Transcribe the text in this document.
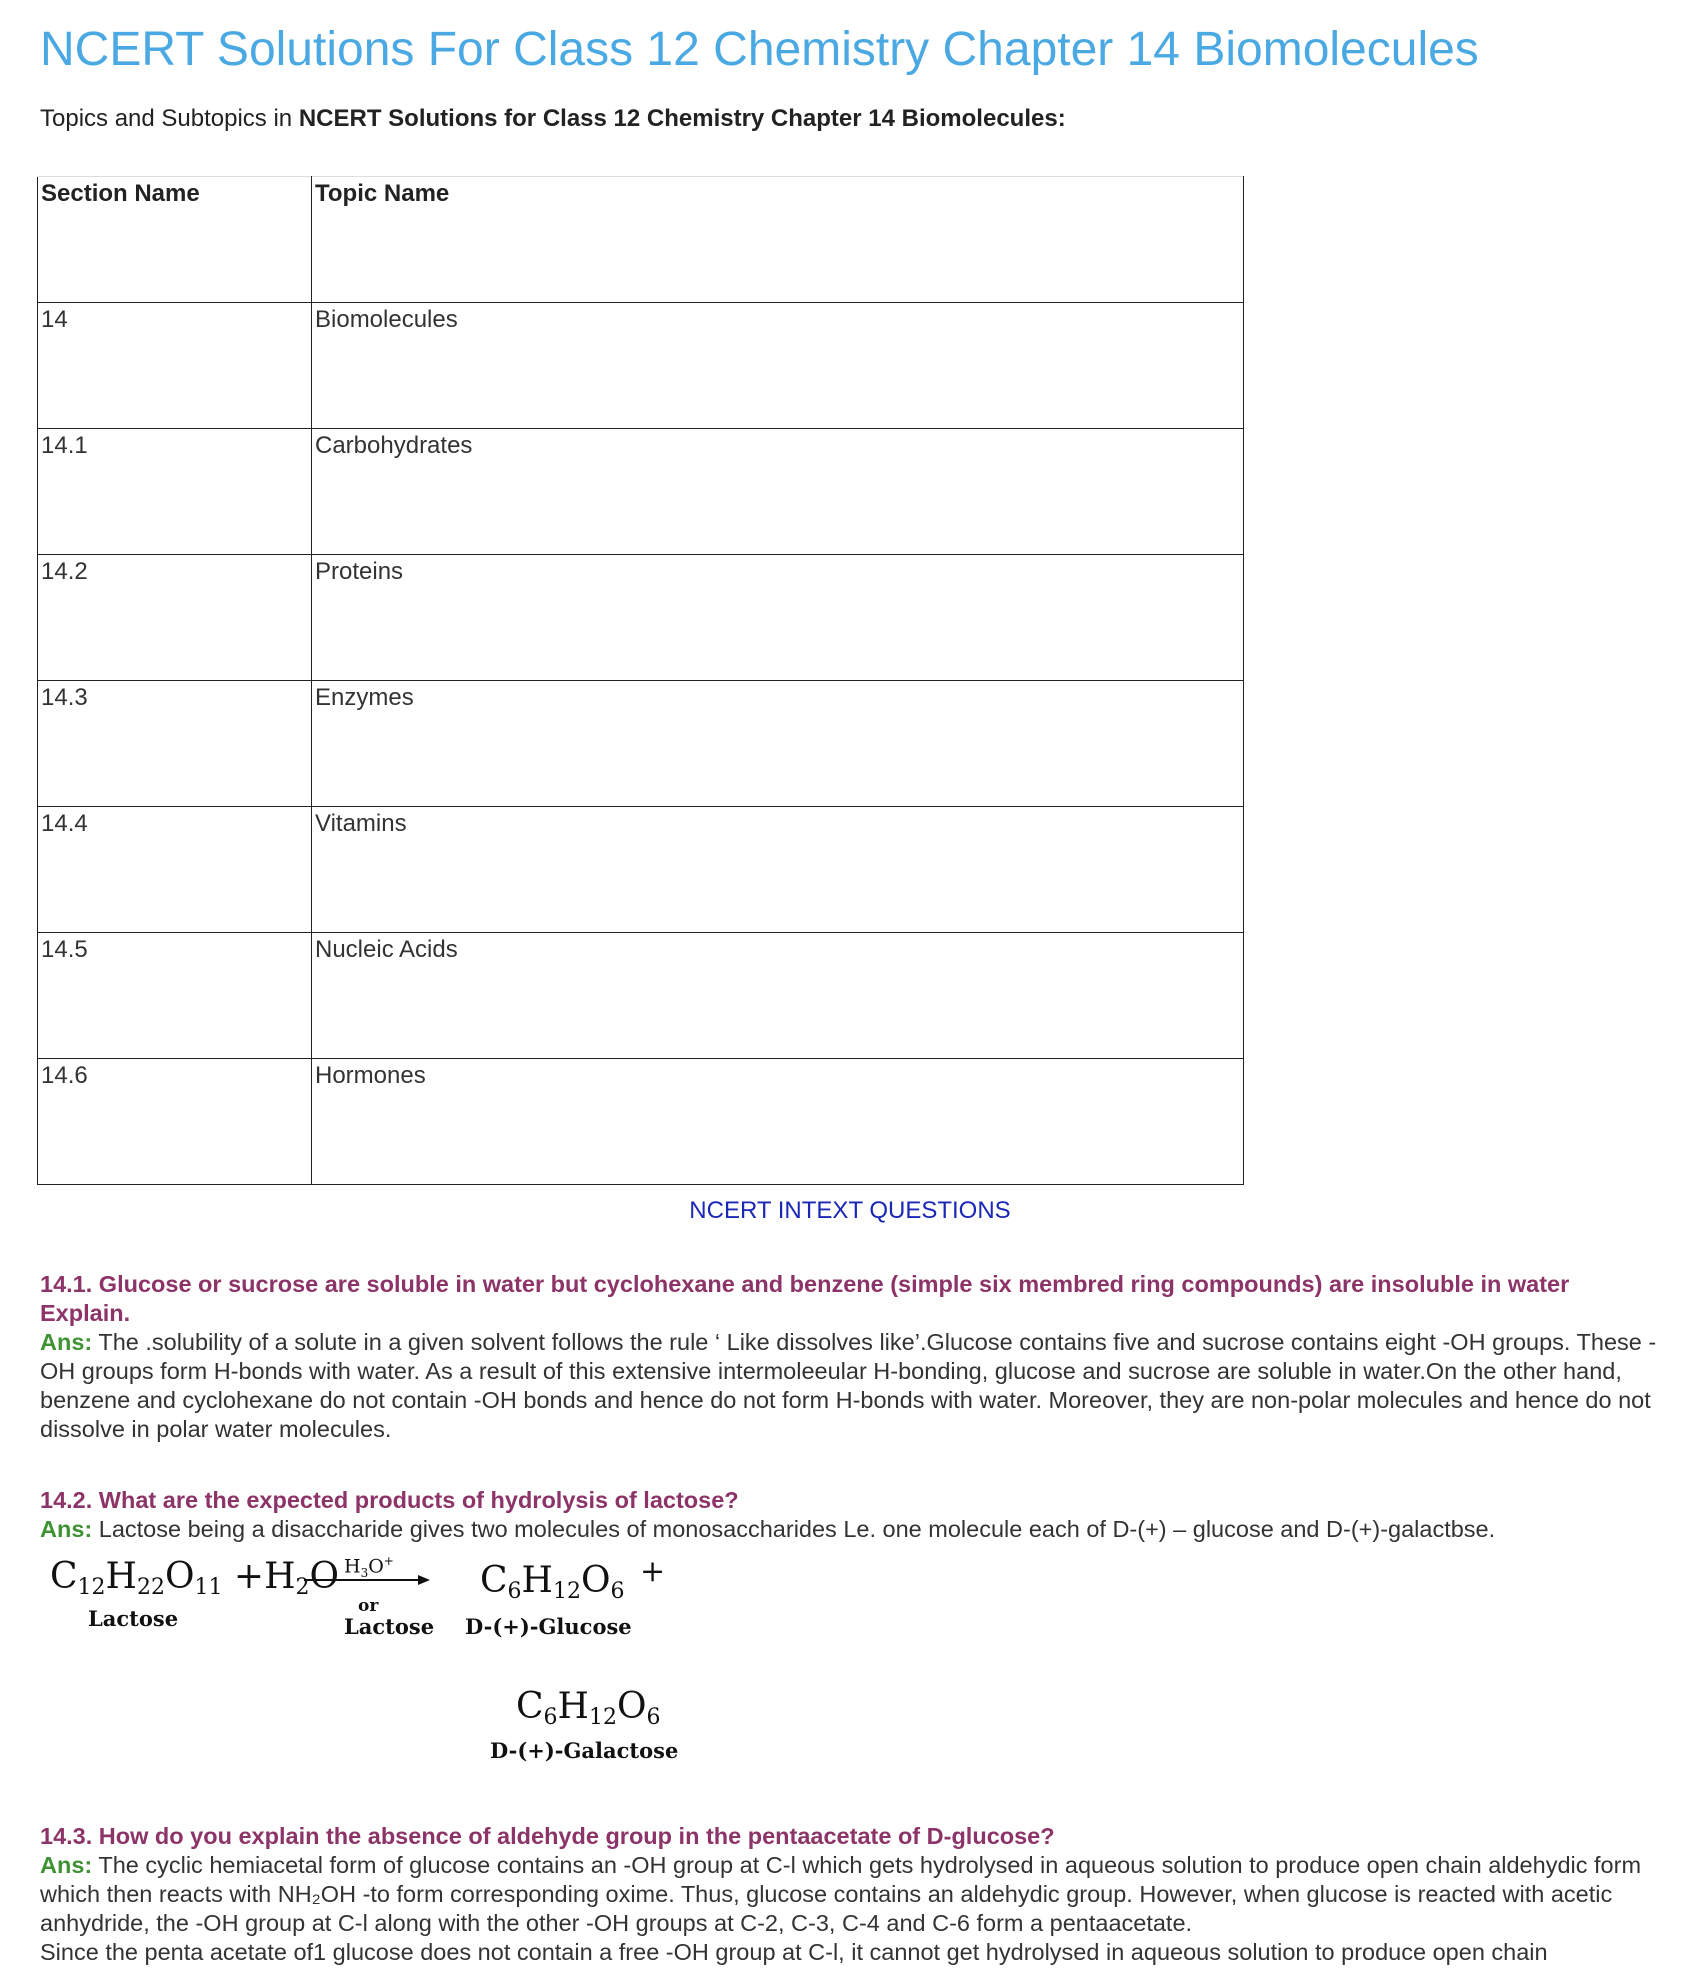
NCERT Solutions For Class 12 Chemistry Chapter 14 Biomolecules
Topics and Subtopics in NCERT Solutions for Class 12 Chemistry Chapter 14 Biomolecules:
Section Name	Topic Name
14	Biomolecules
14.1	Carbohydrates
14.2	Proteins
14.3	Enzymes
14.4	Vitamins
14.5	Nucleic Acids
14.6	Hormones
NCERT INTEXT QUESTIONS

14.1. Glucose or sucrose are soluble in water but cyclohexane and benzene (simple six membred ring compounds) are insoluble in water Explain.

Ans: The .solubility of a solute in a given solvent follows the rule ‘ Like dissolves like’.Glucose contains five and sucrose contains eight -OH groups. These -OH groups form H-bonds with water. As a result of this extensive intermoleeular H-bonding, glucose and sucrose are soluble in water.On the other hand, benzene and cyclohexane do not contain -OH bonds and hence do not form H-bonds with water. Moreover, they are non-polar molecules and hence do not dissolve in polar water molecules.

14.2. What are the expected products of hydrolysis of lactose?

Ans: Lactose being a disaccharide gives two molecules of monosaccharides Le. one molecule each of D-(+) – glucose and D-(+)-galactbse.

$C_{12}H_{22}O_{11} +H_2O$
Lactose
$H_3O^+$
or
Lactose
$C_6H_{12}O_6$
+
D-(+)-Glucose
$C_6H_{12}O_6$
D-(+)-Galactose

14.3. How do you explain the absence of aldehyde group in the pentaacetate of D-glucose?

Ans: The cyclic hemiacetal form of glucose contains an -OH group at C-l which gets hydrolysed in aqueous solution to produce open chain aldehydic form which then reacts with NH₂OH -to form corresponding oxime. Thus, glucose contains an aldehydic group. However, when glucose is reacted with acetic anhydride, the -OH group at C-l along with the other -OH groups at C-2, C-3, C-4 and C-6 form a pentaacetate.

Since the penta acetate of1 glucose does not contain a free -OH group at C-l, it cannot get hydrolysed in aqueous solution to produce open chain
